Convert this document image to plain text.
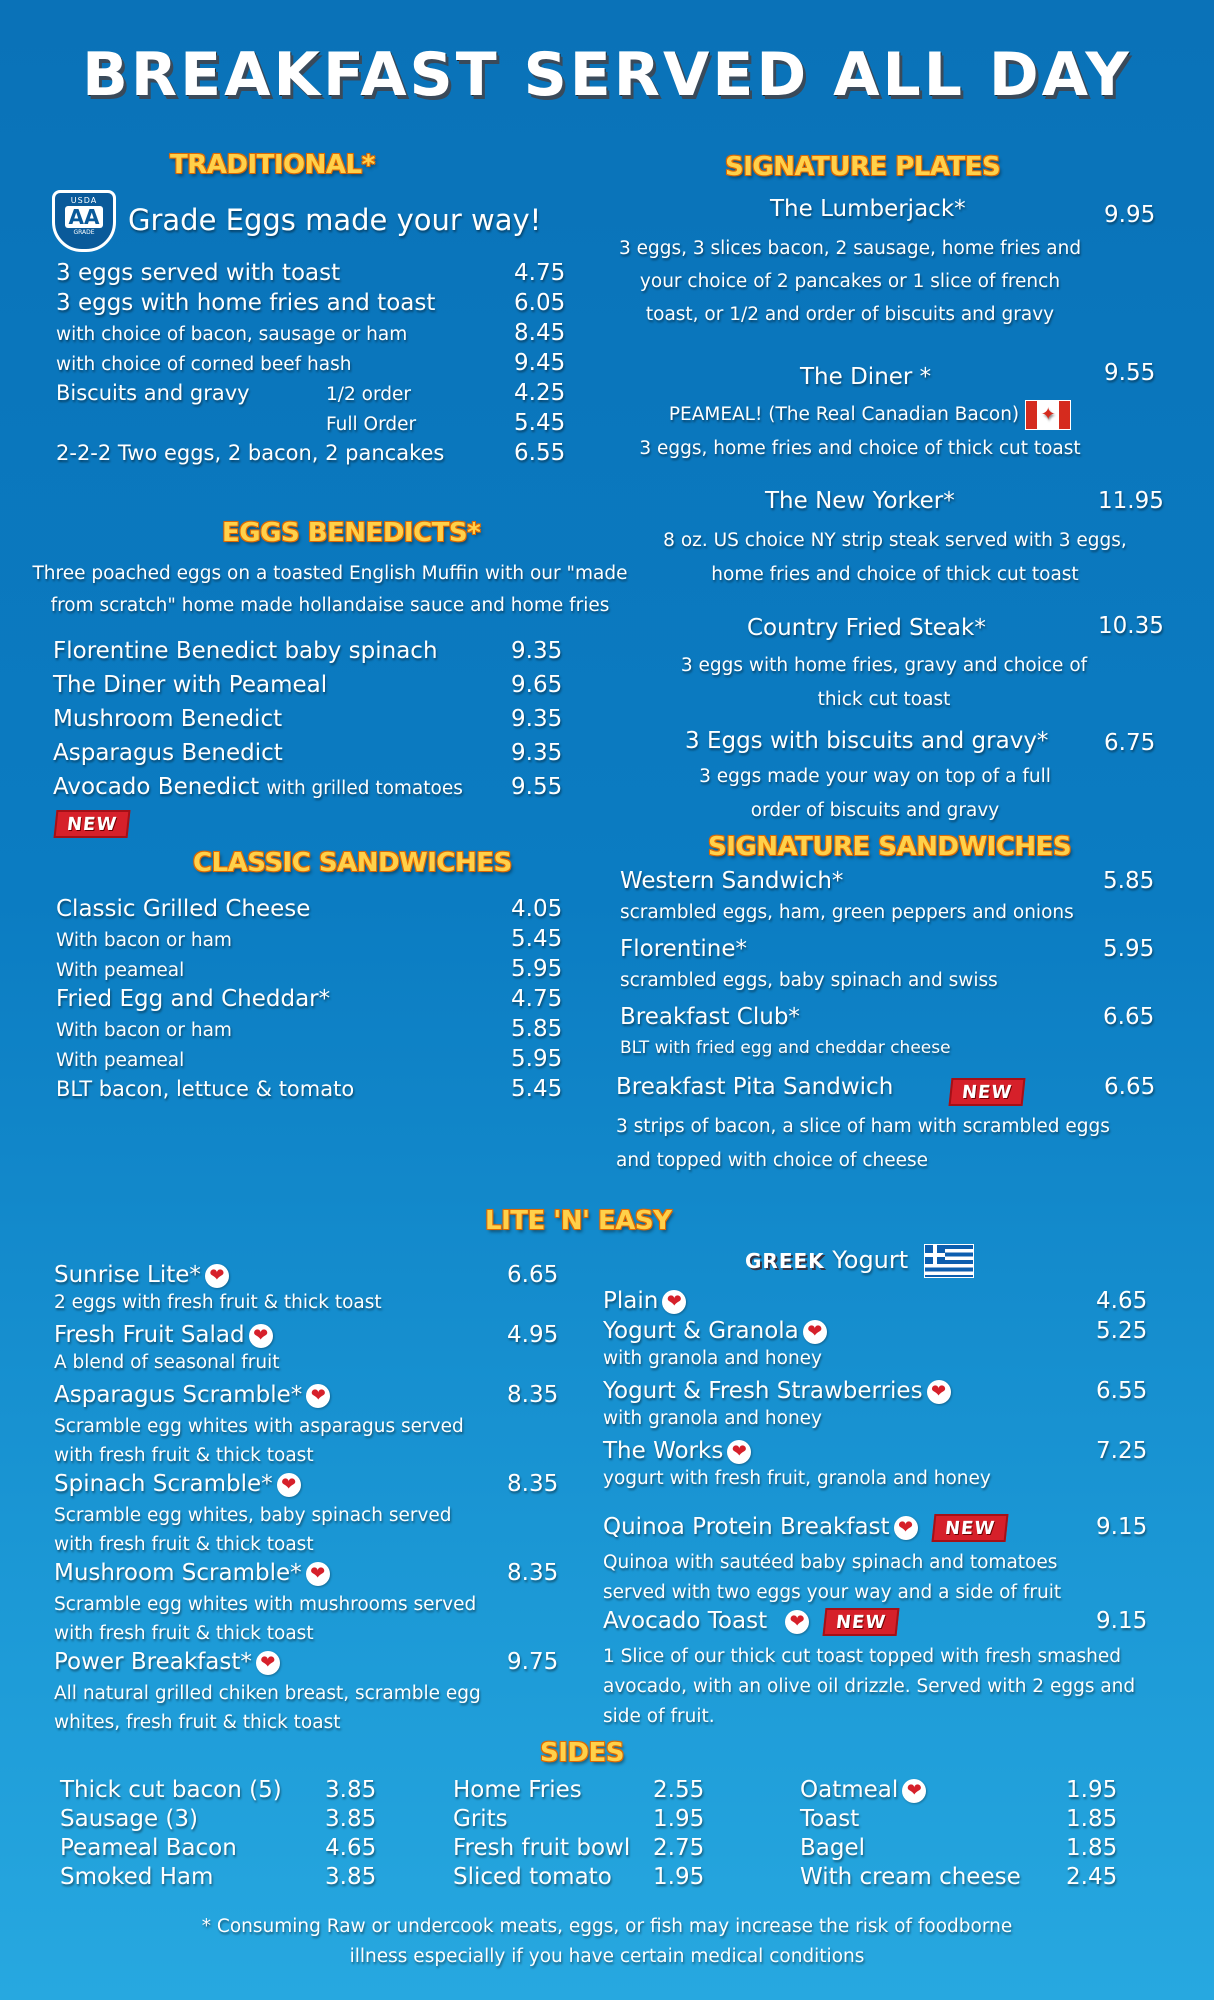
BREAKFAST SERVED ALL DAY
TRADITIONAL*
USDA
AA
GRADE	Grade Eggs made your way!
3 eggs served with toast	4.75
3 eggs with home fries and toast	6.05
with choice of bacon, sausage or ham	8.45
with choice of corned beef hash	9.45
Biscuits and gravy	1/2 order	4.25
Full Order	5.45
2-2-2 Two eggs, 2 bacon, 2 pancakes	6.55
EGGS BENEDICTS*
Three poached eggs on a toasted English Muffin with our "made from scratch" home made hollandaise sauce and home fries
Florentine Benedict baby spinach	9.35
The Diner with Peameal	9.65
Mushroom Benedict	9.35
Asparagus Benedict	9.35
Avocado Benedict with grilled tomatoes 9.55
NEW
CLASSIC SANDWICHES
Classic Grilled Cheese	4.05
With bacon or ham	5.45
With peameal	5.95
Fried Egg and Cheddar*	4.75
With bacon or ham	5.85
With peameal	5.95
BLT bacon, lettuce & tomato	5.45
SIGNATURE PLATES
The Lumberjack*	9.95
3 eggs, 3 slices bacon, 2 sausage, home fries and
your choice of 2 pancakes or 1 slice of french
toast, or 1/2 and order of biscuits and gravy
The Diner *	9.55
PEAMEAL! (The Real Canadian Bacon) ✦
3 eggs, home fries and choice of thick cut toast
The New Yorker*	11.95
8 oz. US choice NY strip steak served with 3 eggs,
home fries and choice of thick cut toast
Country Fried Steak*	10.35
3 eggs with home fries, gravy and choice of
thick cut toast
3 Eggs with biscuits and gravy* 6.75
3 eggs made your way on top of a full
order of biscuits and gravy
SIGNATURE SANDWICHES
Western Sandwich*	5.85
scrambled eggs, ham, green peppers and onions
Florentine*	5.95
scrambled eggs, baby spinach and swiss
Breakfast Club*	6.65
BLT with fried egg and cheddar cheese
Breakfast Pita Sandwich	NEW	6.65
3 strips of bacon, a slice of ham with scrambled eggs
and topped with choice of cheese
LITE 'N' EASY
Sunrise Lite* ❤	6.65
2 eggs with fresh fruit & thick toast
Fresh Fruit Salad ❤	4.95
A blend of seasonal fruit
Asparagus Scramble* ❤	8.35
Scramble egg whites with asparagus served
with fresh fruit & thick toast
Spinach Scramble* ❤	8.35
Scramble egg whites, baby spinach served
with fresh fruit & thick toast
Mushroom Scramble* ❤	8.35
Scramble egg whites with mushrooms served
with fresh fruit & thick toast
Power Breakfast* ❤	9.75
All natural grilled chiken breast, scramble egg
whites, fresh fruit & thick toast
GREEK Yogurt
Plain ❤	4.65
Yogurt & Granola ❤	5.25
with granola and honey
Yogurt & Fresh Strawberries ❤	6.55
with granola and honey
The Works ❤	7.25
yogurt with fresh fruit, granola and honey
Quinoa Protein Breakfast ❤ NEW	9.15
Quinoa with sautéed baby spinach and tomatoes
served with two eggs your way and a side of fruit
Avocado Toast ❤ NEW	9.15
1 Slice of our thick cut toast topped with fresh smashed
avocado, with an olive oil drizzle. Served with 2 eggs and
side of fruit.
SIDES
Thick cut bacon (5) 3.85
Sausage (3)	3.85
Peameal Bacon	4.65
Smoked Ham	3.85
Home Fries	2.55
Grits	1.95
Fresh fruit bowl 2.75
Sliced tomato 1.95
Oatmeal ❤	1.95
Toast	1.85
Bagel	1.85
With cream cheese 2.45
* Consuming Raw or undercook meats, eggs, or fish may increase the risk of foodborne
illness especially if you have certain medical conditions
